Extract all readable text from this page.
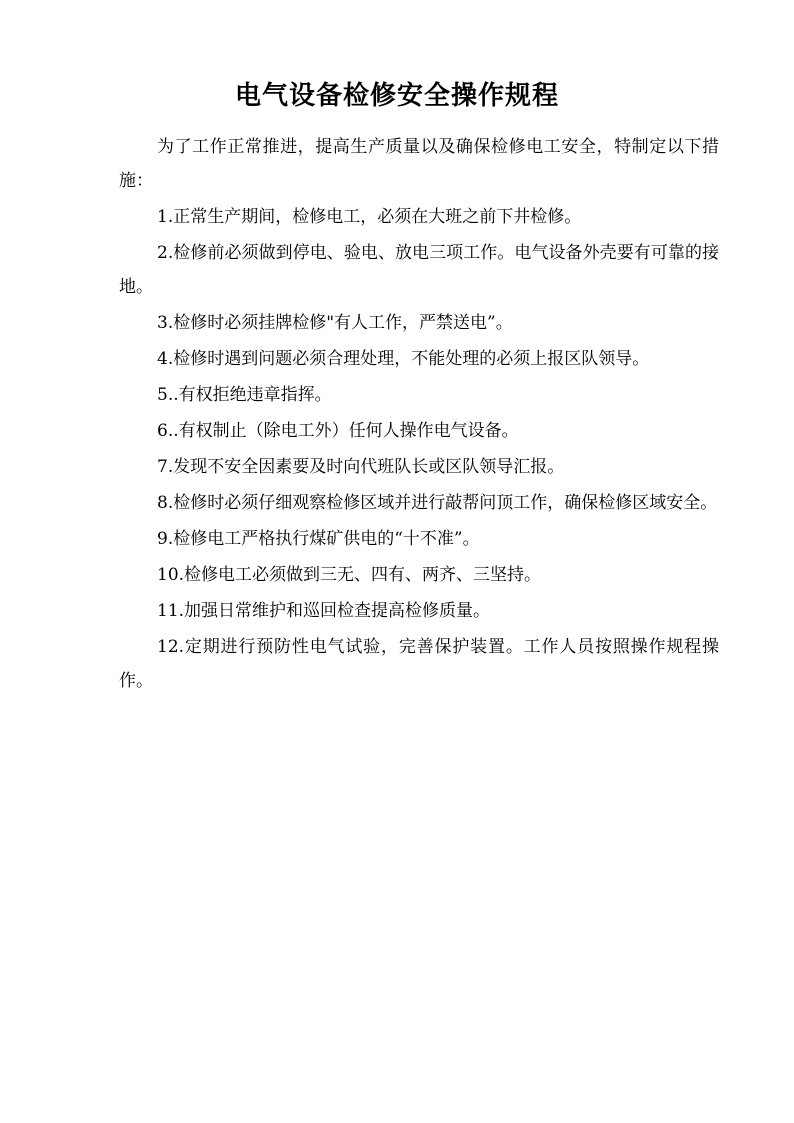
电气设备检修安全操作规程

为了工作正常推进，提高生产质量以及确保检修电工安全，特制定以下措施：

1.正常生产期间，检修电工，必须在大班之前下井检修。

2.检修前必须做到停电、验电、放电三项工作。电气设备外壳要有可靠的接地。

3.检修时必须挂牌检修"有人工作，严禁送电”。

4.检修时遇到问题必须合理处理，不能处理的必须上报区队领导。

5..有权拒绝违章指挥。

6..有权制止（除电工外）任何人操作电气设备。

7.发现不安全因素要及时向代班队长或区队领导汇报。

8.检修时必须仔细观察检修区域并进行敲帮问顶工作，确保检修区域安全。

9.检修电工严格执行煤矿供电的“十不准”。

10.检修电工必须做到三无、四有、两齐、三坚持。

11.加强日常维护和巡回检查提高检修质量。

12.定期进行预防性电气试验，完善保护装置。工作人员按照操作规程操作。
